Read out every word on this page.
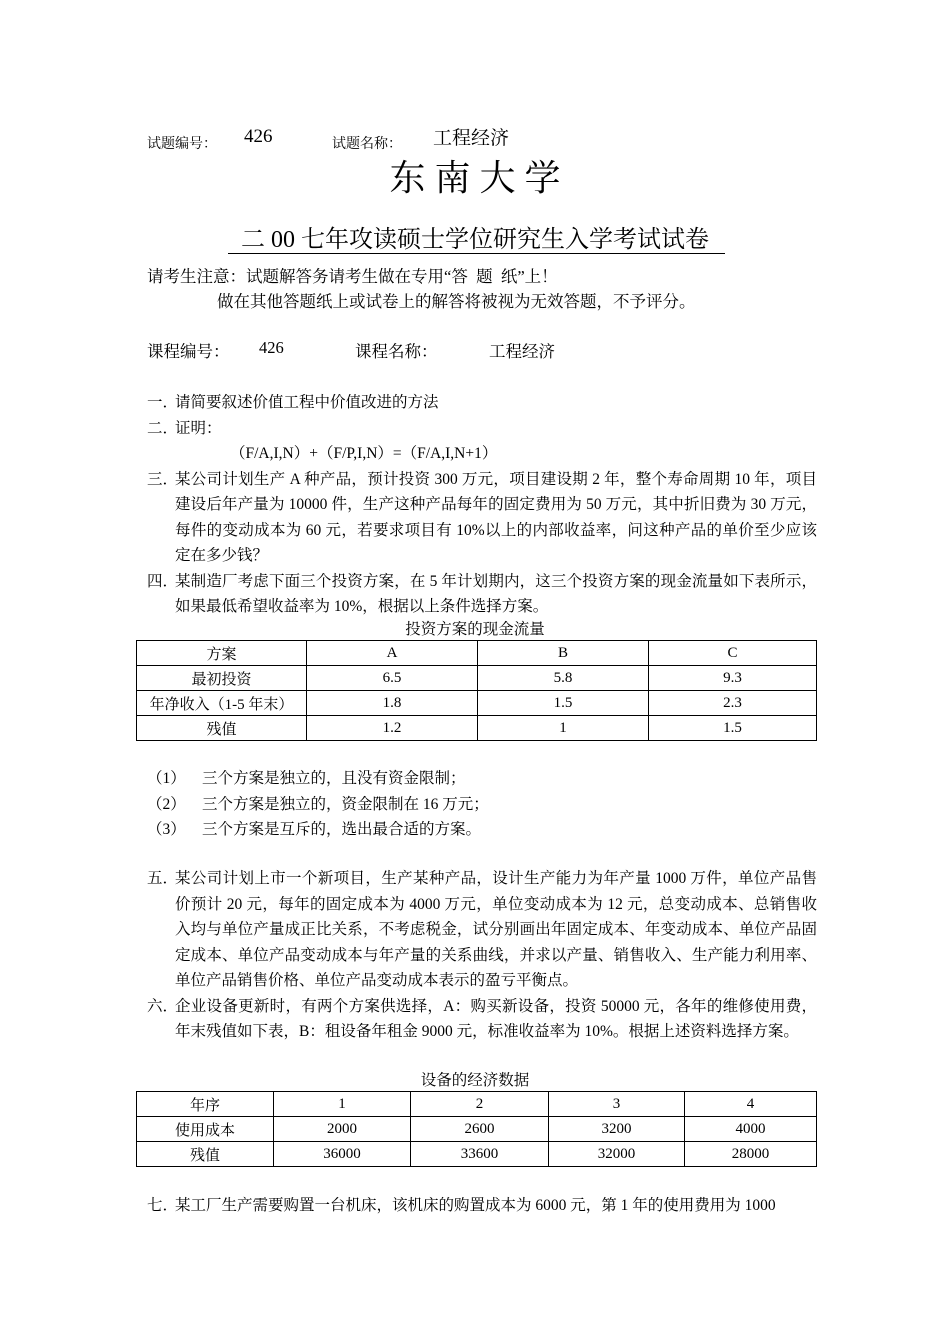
试题编号： 426	试题名称： 工程经济
东 南 大 学
二 00 七年攻读硕士学位研究生入学考试试卷
请考生注意：试题解答务请考生做在专用“答  题  纸”上！
做在其他答题纸上或试卷上的解答将被视为无效答题，不予评分。
课程编号： 426	课程名称：	工程经济
一．
请简要叙述价值工程中价值改进的方法
二．
证明：
（F/A,I,N）+（F/P,I,N）=（F/A,I,N+1）
三．
某公司计划生产 A 种产品，预计投资 300 万元，项目建设期 2 年，整个寿命周期 10 年，项目建设后年产量为 10000 件，生产这种产品每年的固定费用为 50 万元，其中折旧费为 30 万元，每件的变动成本为 60 元，若要求项目有 10%以上的内部收益率，问这种产品的单价至少应该定在多少钱？
四．
某制造厂考虑下面三个投资方案，在 5 年计划期内，这三个投资方案的现金流量如下表所示，如果最低希望收益率为 10%，根据以上条件选择方案。
投资方案的现金流量
方案	A	B	C
最初投资	6.5	5.8	9.3
年净收入（1-5 年末）	1.8	1.5	2.3
残值	1.2	1	1.5
（1） 三个方案是独立的，且没有资金限制；
（2） 三个方案是独立的，资金限制在 16 万元；
（3） 三个方案是互斥的，选出最合适的方案。
五．
某公司计划上市一个新项目，生产某种产品，设计生产能力为年产量 1000 万件，单位产品售价预计 20 元，每年的固定成本为 4000 万元，单位变动成本为 12 元，总变动成本、总销售收入均与单位产量成正比关系，不考虑税金，试分别画出年固定成本、年变动成本、单位产品固定成本、单位产品变动成本与年产量的关系曲线，并求以产量、销售收入、生产能力利用率、单位产品销售价格、单位产品变动成本表示的盈亏平衡点。
六．
企业设备更新时，有两个方案供选择，A：购买新设备，投资 50000 元，各年的维修使用费，年末残值如下表，B：租设备年租金 9000 元，标准收益率为 10%。根据上述资料选择方案。
设备的经济数据
年序	1	2	3	4
使用成本	2000	2600	3200	4000
残值	36000	33600	32000	28000
七．
某工厂生产需要购置一台机床，该机床的购置成本为 6000 元，第 1 年的使用费用为 1000
